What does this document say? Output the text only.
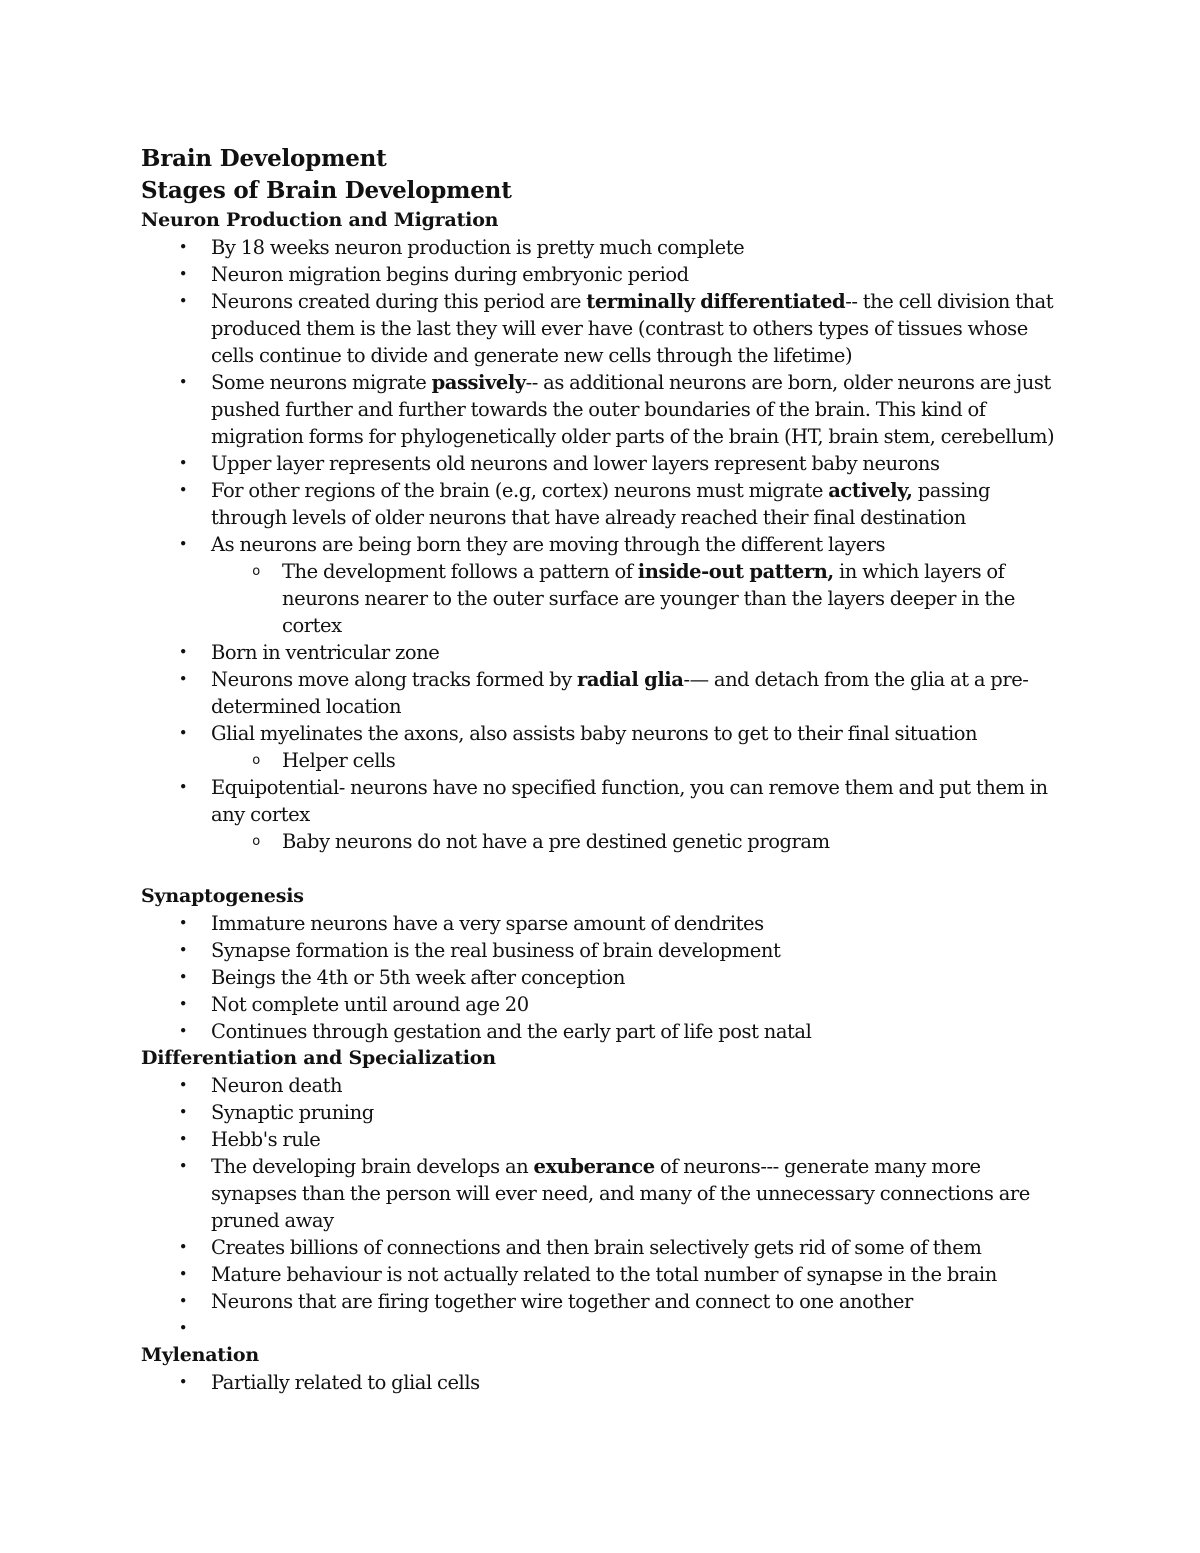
Brain Development
Stages of Brain Development
Neuron Production and Migration
• By 18 weeks neuron production is pretty much complete
• Neuron migration begins during embryonic period
• Neurons created during this period are terminally differentiated-- the cell division that produced them is the last they will ever have (contrast to others types of tissues whose cells continue to divide and generate new cells through the lifetime)
• Some neurons migrate passively-- as additional neurons are born, older neurons are just pushed further and further towards the outer boundaries of the brain. This kind of migration forms for phylogenetically older parts of the brain (HT, brain stem, cerebellum)
• Upper layer represents old neurons and lower layers represent baby neurons
• For other regions of the brain (e.g, cortex) neurons must migrate actively, passing through levels of older neurons that have already reached their final destination
• As neurons are being born they are moving through the different layers
o The development follows a pattern of inside-out pattern, in which layers of neurons nearer to the outer surface are younger than the layers deeper in the cortex
• Born in ventricular zone
• Neurons move along tracks formed by radial glia-— and detach from the glia at a pre-determined location
• Glial myelinates the axons, also assists baby neurons to get to their final situation
o Helper cells
• Equipotential- neurons have no specified function, you can remove them and put them in any cortex
o Baby neurons do not have a pre destined genetic program
Synaptogenesis
• Immature neurons have a very sparse amount of dendrites
• Synapse formation is the real business of brain development
• Beings the 4th or 5th week after conception
• Not complete until around age 20
• Continues through gestation and the early part of life post natal
Differentiation and Specialization
• Neuron death
• Synaptic pruning
• Hebb's rule
• The developing brain develops an exuberance of neurons--- generate many more synapses than the person will ever need, and many of the unnecessary connections are pruned away
• Creates billions of connections and then brain selectively gets rid of some of them
• Mature behaviour is not actually related to the total number of synapse in the brain
• Neurons that are firing together wire together and connect to one another
•
Mylenation
• Partially related to glial cells
